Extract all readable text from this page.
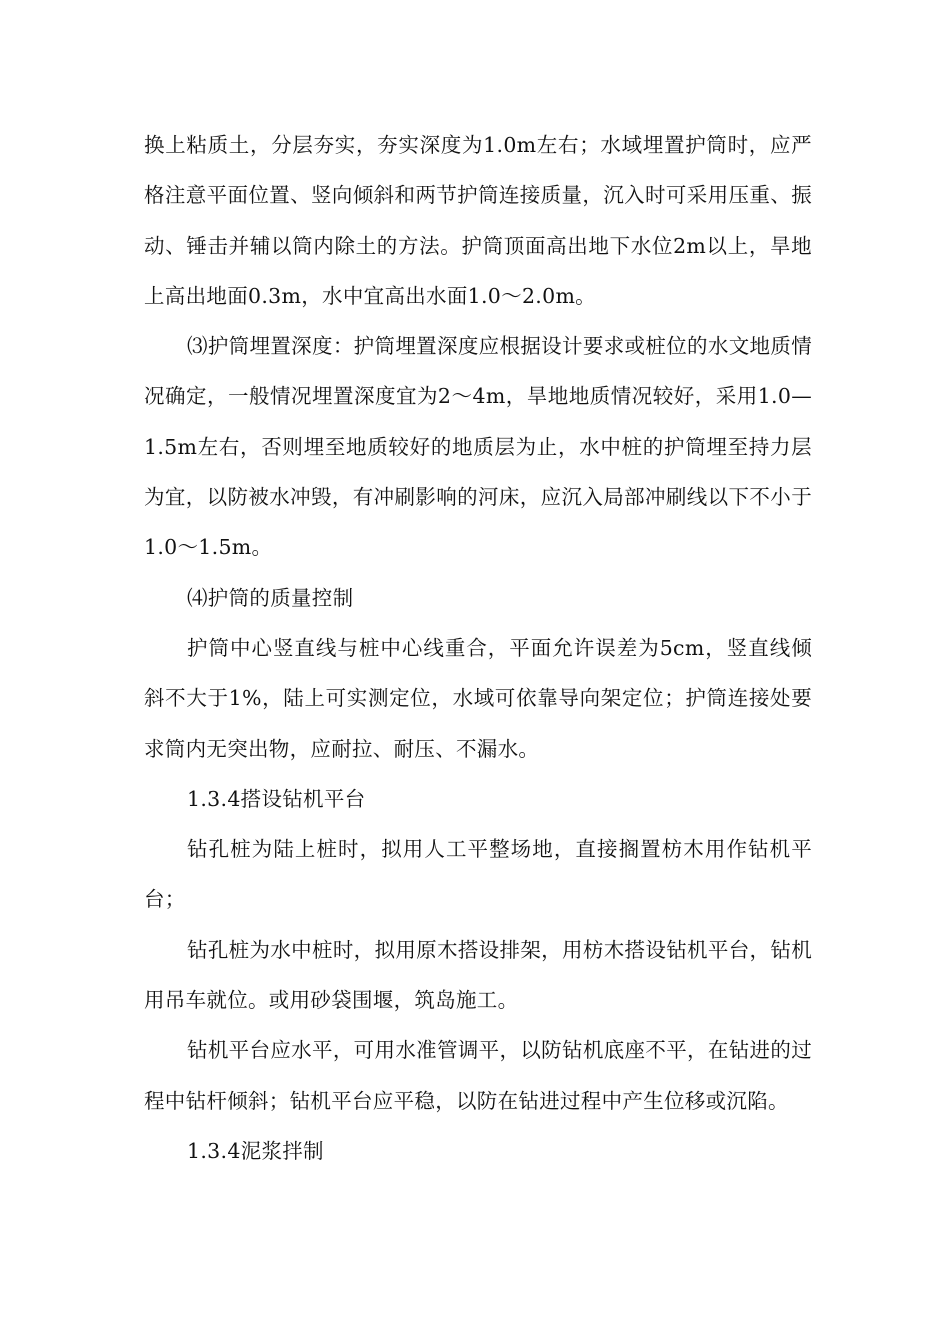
换上粘质土，分层夯实，夯实深度为1.0m左右；水域埋置护筒时，应严格注意平面位置、竖向倾斜和两节护筒连接质量，沉入时可采用压重、振动、锤击并辅以筒内除土的方法。护筒顶面高出地下水位2m以上，旱地上高出地面0.3m，水中宜高出水面1.0～2.0m。

⑶护筒埋置深度：护筒埋置深度应根据设计要求或桩位的水文地质情况确定，一般情况埋置深度宜为2～4m，旱地地质情况较好，采用1.0—1.5m左右，否则埋至地质较好的地质层为止，水中桩的护筒埋至持力层为宜，以防被水冲毁，有冲刷影响的河床，应沉入局部冲刷线以下不小于1.0～1.5m。

⑷护筒的质量控制

护筒中心竖直线与桩中心线重合，平面允许误差为5cm，竖直线倾斜不大于1%，陆上可实测定位，水域可依靠导向架定位；护筒连接处要求筒内无突出物，应耐拉、耐压、不漏水。

1.3.4搭设钻机平台

钻孔桩为陆上桩时，拟用人工平整场地，直接搁置枋木用作钻机平台；

钻孔桩为水中桩时，拟用原木搭设排架，用枋木搭设钻机平台，钻机用吊车就位。或用砂袋围堰，筑岛施工。

钻机平台应水平，可用水准管调平，以防钻机底座不平，在钻进的过程中钻杆倾斜；钻机平台应平稳，以防在钻进过程中产生位移或沉陷。

1.3.4泥浆拌制
